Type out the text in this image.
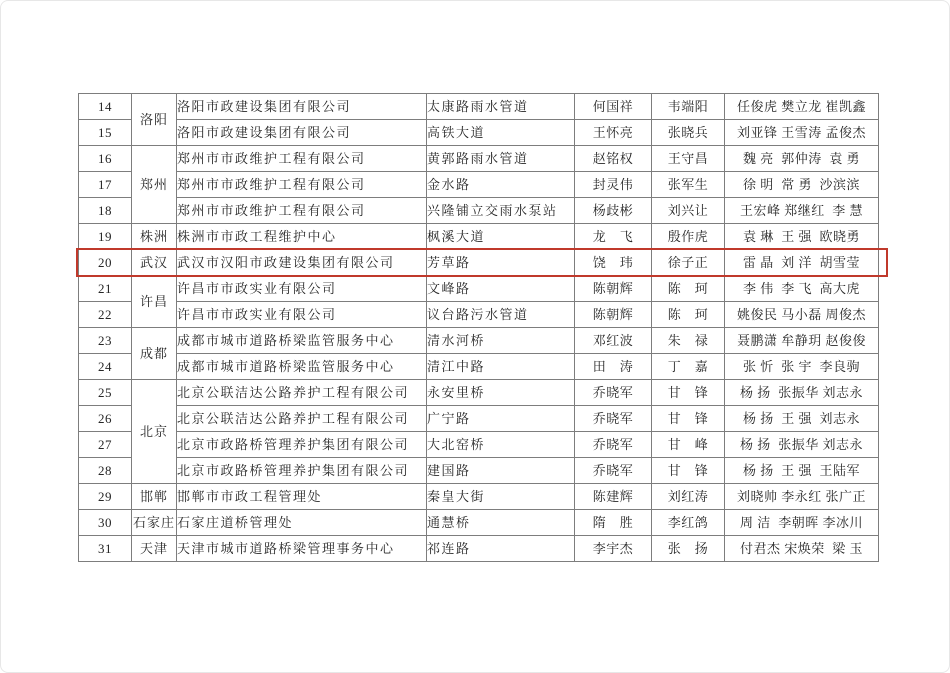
14	洛阳	洛阳市政建设集团有限公司	太康路雨水管道	何国祥	韦端阳	任俊虎 樊立龙 崔凯鑫
15		洛阳市政建设集团有限公司	高铁大道	王怀亮	张晓兵	刘亚锋 王雪涛 孟俊杰
16	郑州	郑州市市政维护工程有限公司	黄郭路雨水管道	赵铭权	王守昌	魏 亮  郭仲涛  袁 勇
17		郑州市市政维护工程有限公司	金水路	封灵伟	张军生	徐 明  常 勇  沙滨滨
18		郑州市市政维护工程有限公司	兴隆铺立交雨水泵站	杨歧彬	刘兴让	王宏峰 郑继红  李 慧
19	株洲	株洲市市政工程维护中心	枫溪大道	龙　飞	殷作虎	袁 琳  王 强  欧晓勇
20	武汉	武汉市汉阳市政建设集团有限公司	芳草路	饶　玮	徐子正	雷 晶  刘 洋  胡雪莹
21	许昌	许昌市市政实业有限公司	文峰路	陈朝辉	陈　珂	李 伟  李 飞  高大虎
22		许昌市市政实业有限公司	议台路污水管道	陈朝辉	陈　珂	姚俊民 马小磊 周俊杰
23	成都	成都市城市道路桥梁监管服务中心	清水河桥	邓红波	朱　禄	聂鹏潇 牟静玥 赵俊俊
24		成都市城市道路桥梁监管服务中心	清江中路	田　涛	丁　嘉	张 忻  张 宇  李良驹
25	北京	北京公联洁达公路养护工程有限公司	永安里桥	乔晓军	甘　锋	杨 扬  张振华 刘志永
26		北京公联洁达公路养护工程有限公司	广宁路	乔晓军	甘　锋	杨 扬  王 强  刘志永
27		北京市政路桥管理养护集团有限公司	大北窑桥	乔晓军	甘　峰	杨 扬  张振华 刘志永
28		北京市政路桥管理养护集团有限公司	建国路	乔晓军	甘　锋	杨 扬  王 强  王陆军
29	邯郸	邯郸市市政工程管理处	秦皇大街	陈建辉	刘红涛	刘晓帅 李永红 张广正
30	石家庄	石家庄道桥管理处	通慧桥	隋　胜	李红鸽	周 洁  李朝晖 李冰川
31	天津	天津市城市道路桥梁管理事务中心	祁连路	李宇杰	张　扬	付君杰 宋焕荣  梁 玉
